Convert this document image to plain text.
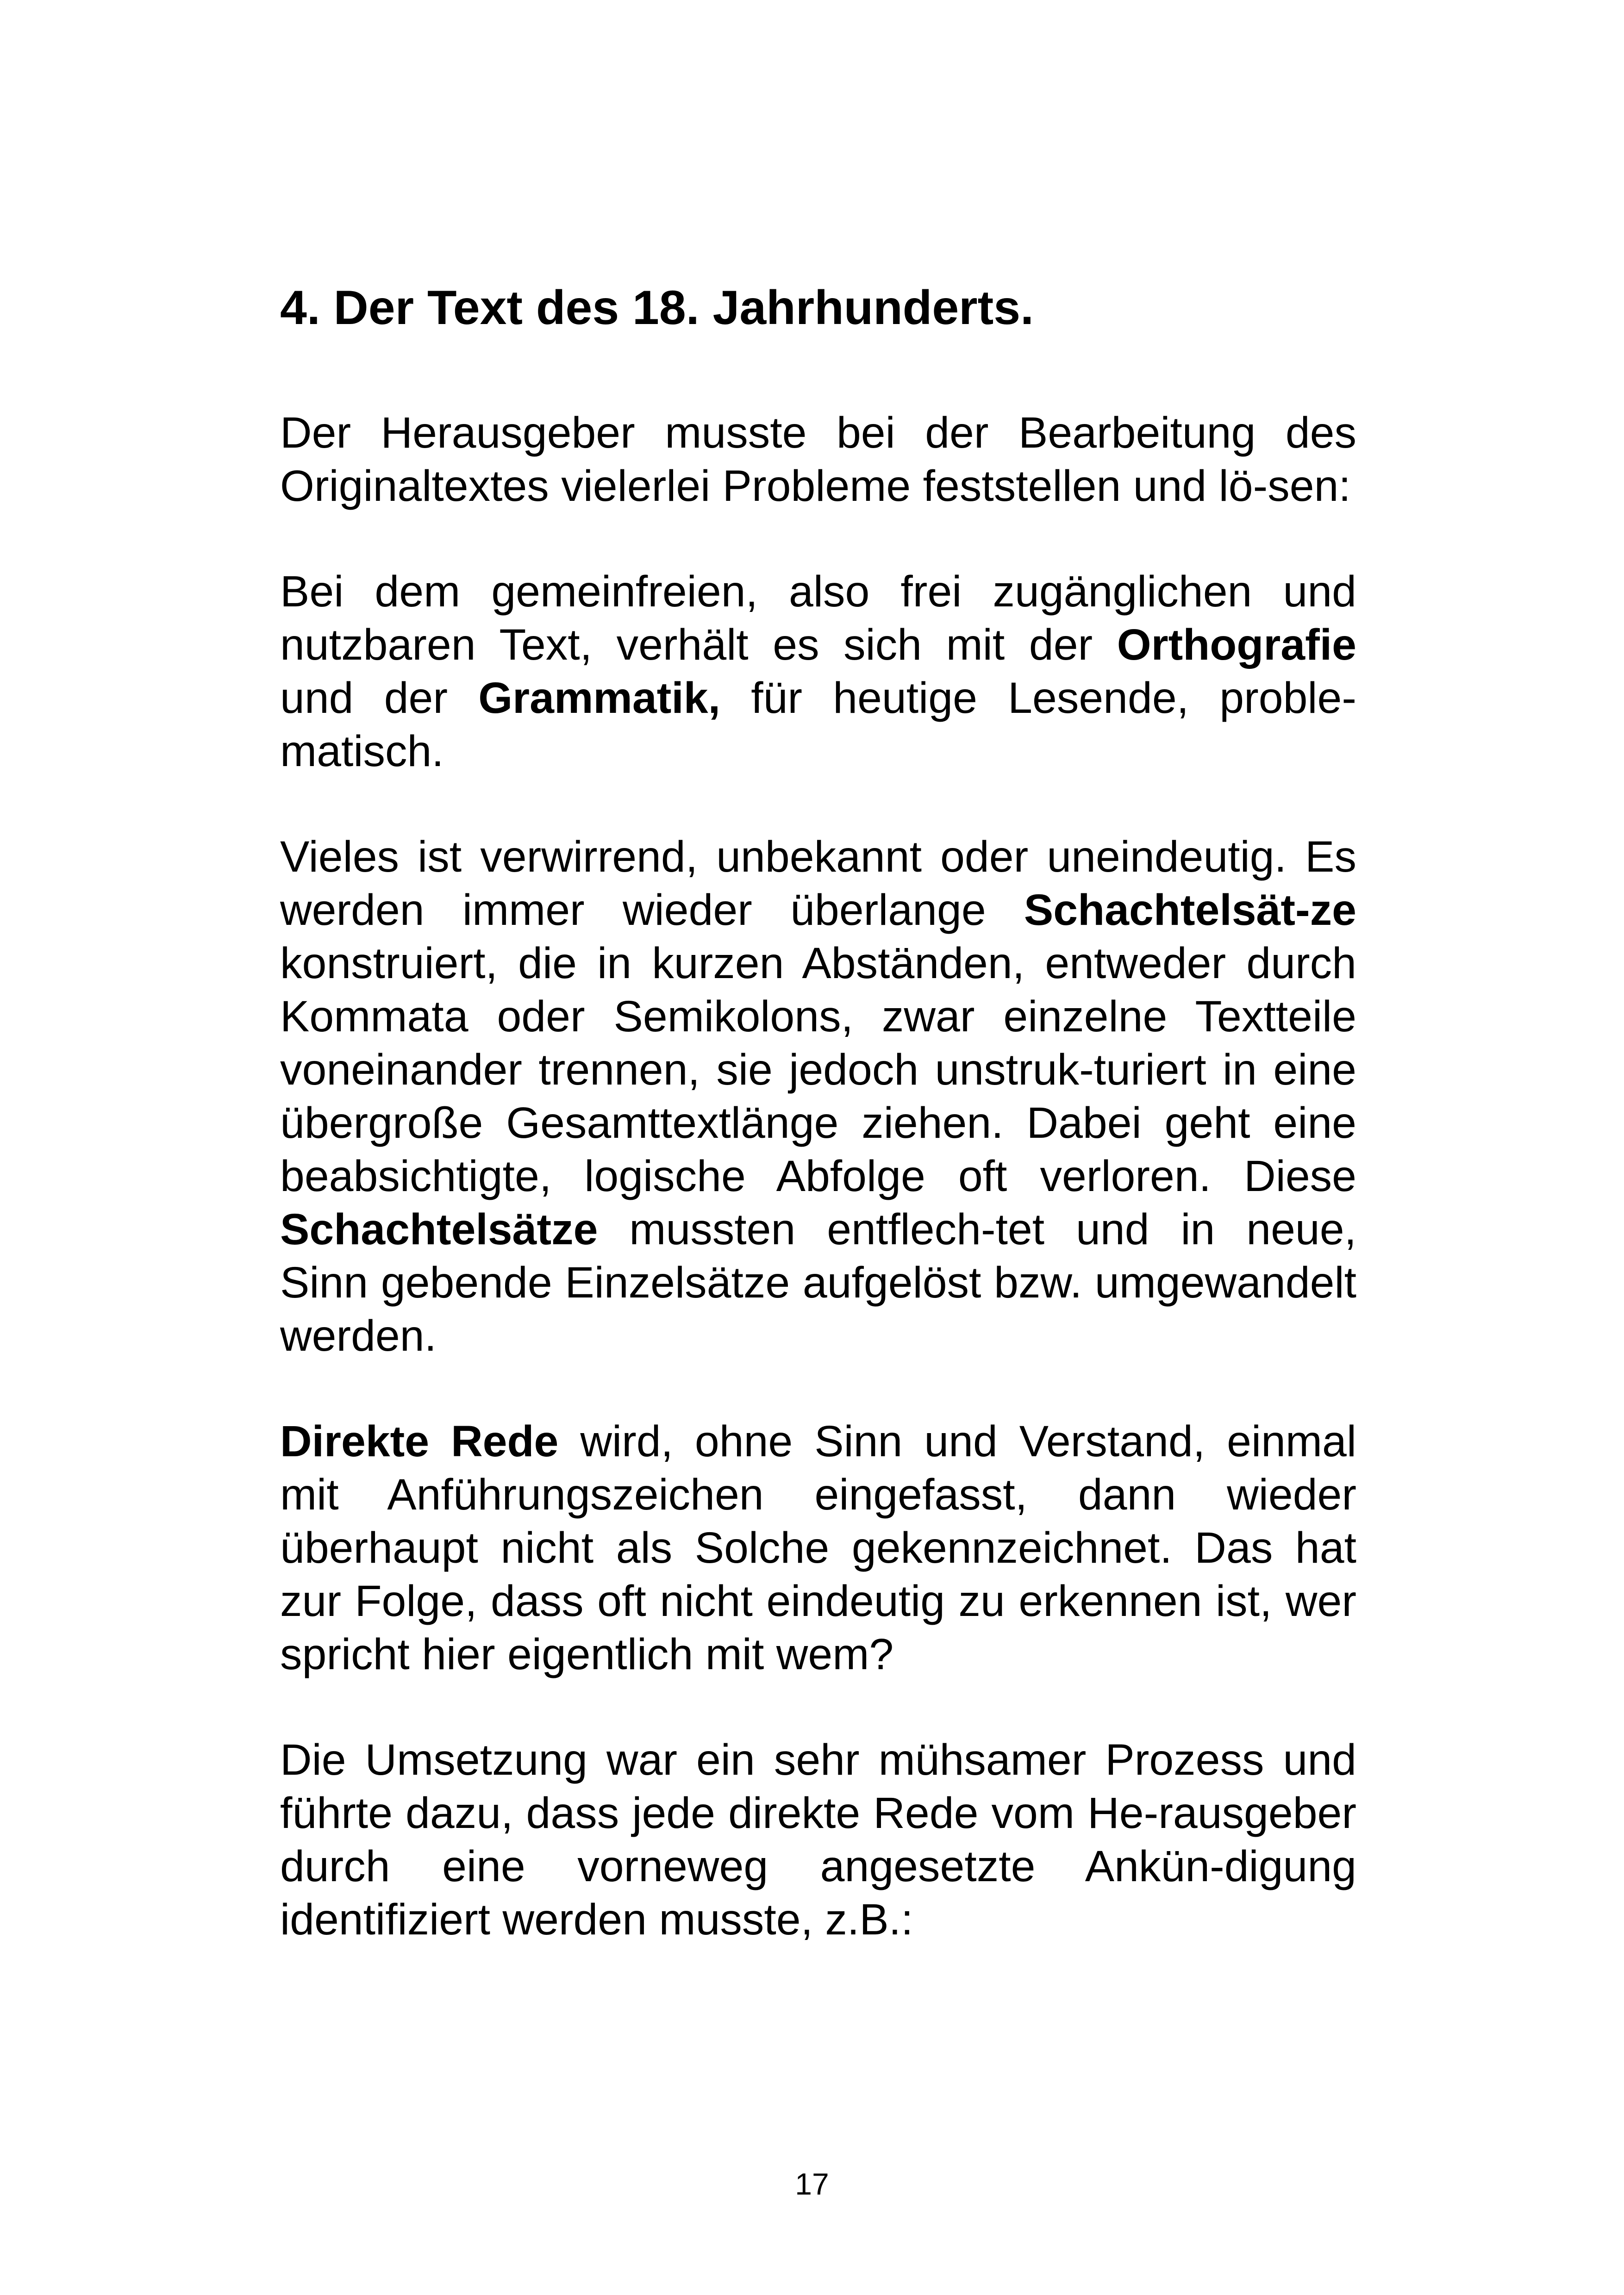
4. Der Text des 18. Jahrhunderts.

Der Herausgeber musste bei der Bearbeitung des Originaltextes vielerlei Probleme feststellen und lö-sen:

Bei dem gemeinfreien, also frei zugänglichen und nutzbaren Text, verhält es sich mit der Orthografie und der Grammatik, für heutige Lesende, proble-matisch.

Vieles ist verwirrend, unbekannt oder uneindeutig. Es werden immer wieder überlange Schachtelsät-ze konstruiert, die in kurzen Abständen, entweder durch Kommata oder Semikolons, zwar einzelne Textteile voneinander trennen, sie jedoch unstruk-turiert in eine übergroße Gesamttextlänge ziehen. Dabei geht eine beabsichtigte, logische Abfolge oft verloren. Diese Schachtelsätze mussten entflech-tet und in neue, Sinn gebende Einzelsätze aufgelöst bzw. umgewandelt werden.

Direkte Rede wird, ohne Sinn und Verstand, einmal mit Anführungszeichen eingefasst, dann wieder überhaupt nicht als Solche gekennzeichnet. Das hat zur Folge, dass oft nicht eindeutig zu erkennen ist, wer spricht hier eigentlich mit wem?

Die Umsetzung war ein sehr mühsamer Prozess und führte dazu, dass jede direkte Rede vom He-rausgeber durch eine vorneweg angesetzte Ankün-digung identifiziert werden musste, z.B.:

17
